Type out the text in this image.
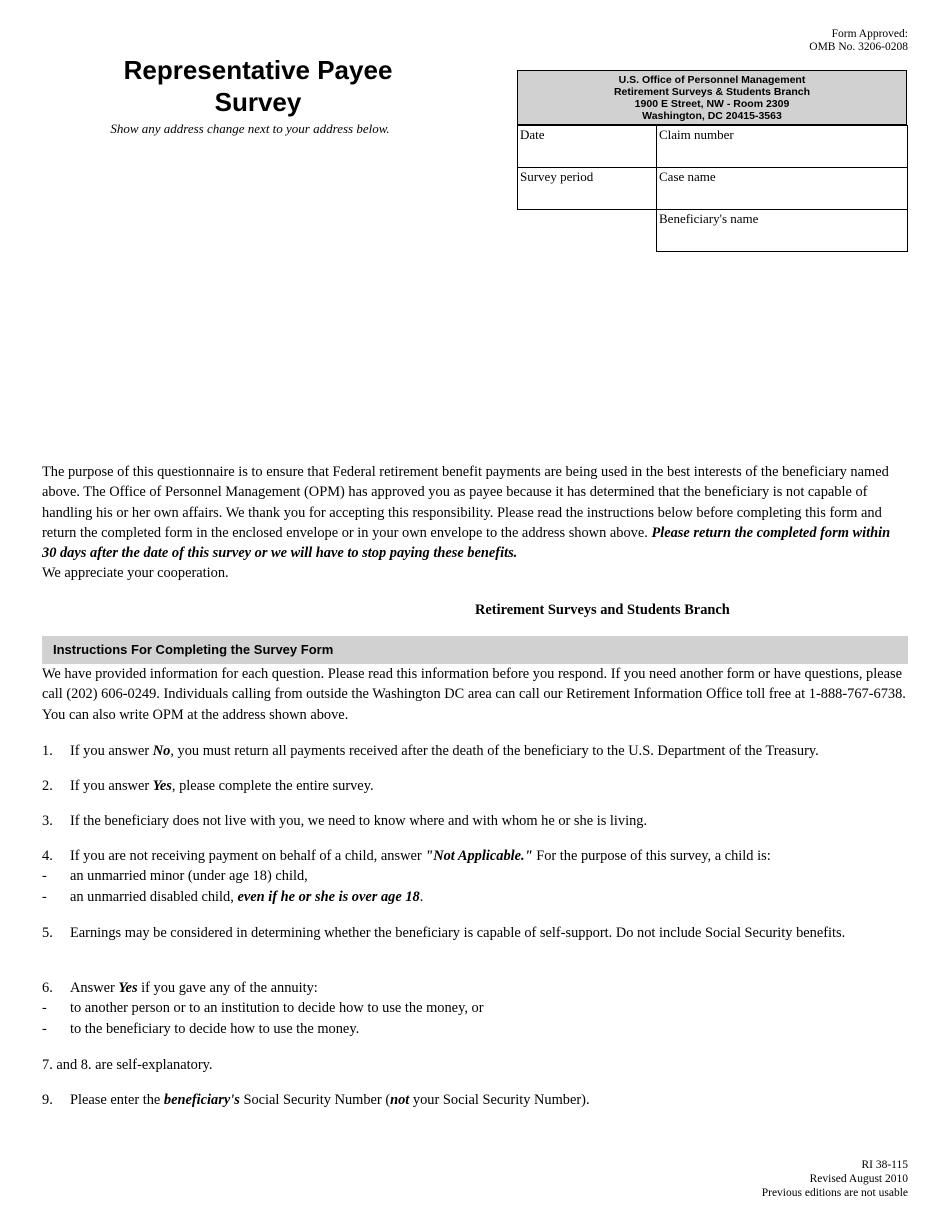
Form Approved:
OMB No. 3206-0208
Representative Payee Survey
Show any address change next to your address below.
U.S. Office of Personnel Management
Retirement Surveys & Students Branch
1900 E Street, NW - Room 2309
Washington, DC 20415-3563
Date	Claim number
Survey period	Case name
Beneficiary's name

The purpose of this questionnaire is to ensure that Federal retirement benefit payments are being used in the best interests of the beneficiary named above. The Office of Personnel Management (OPM) has approved you as payee because it has determined that the beneficiary is not capable of handling his or her own affairs. We thank you for accepting this responsibility. Please read the instructions below before completing this form and return the completed form in the enclosed envelope or in your own envelope to the address shown above. Please return the completed form within 30 days after the date of this survey or we will have to stop paying these benefits.

We appreciate your cooperation.

Retirement Surveys and Students Branch
Instructions For Completing the Survey Form
We have provided information for each question. Please read this information before you respond. If you need another form or have questions, please call (202) 606-0249. Individuals calling from outside the Washington DC area can call our Retirement Information Office toll free at 1-888-767-6738. You can also write OPM at the address shown above.
1. If you answer No, you must return all payments received after the death of the beneficiary to the U.S. Department of the Treasury.
2. If you answer Yes, please complete the entire survey.
3. If the beneficiary does not live with you, we need to know where and with whom he or she is living.
4. If you are not receiving payment on behalf of a child, answer "Not Applicable." For the purpose of this survey, a child is:
- an unmarried minor (under age 18) child,
- an unmarried disabled child, even if he or she is over age 18.
5. Earnings may be considered in determining whether the beneficiary is capable of self-support. Do not include Social Security benefits.
6. Answer Yes if you gave any of the annuity:
- to another person or to an institution to decide how to use the money, or
- to the beneficiary to decide how to use the money.
7. and 8. are self-explanatory.
9. Please enter the beneficiary's Social Security Number (not your Social Security Number).
RI 38-115
Revised August 2010
Previous editions are not usable
